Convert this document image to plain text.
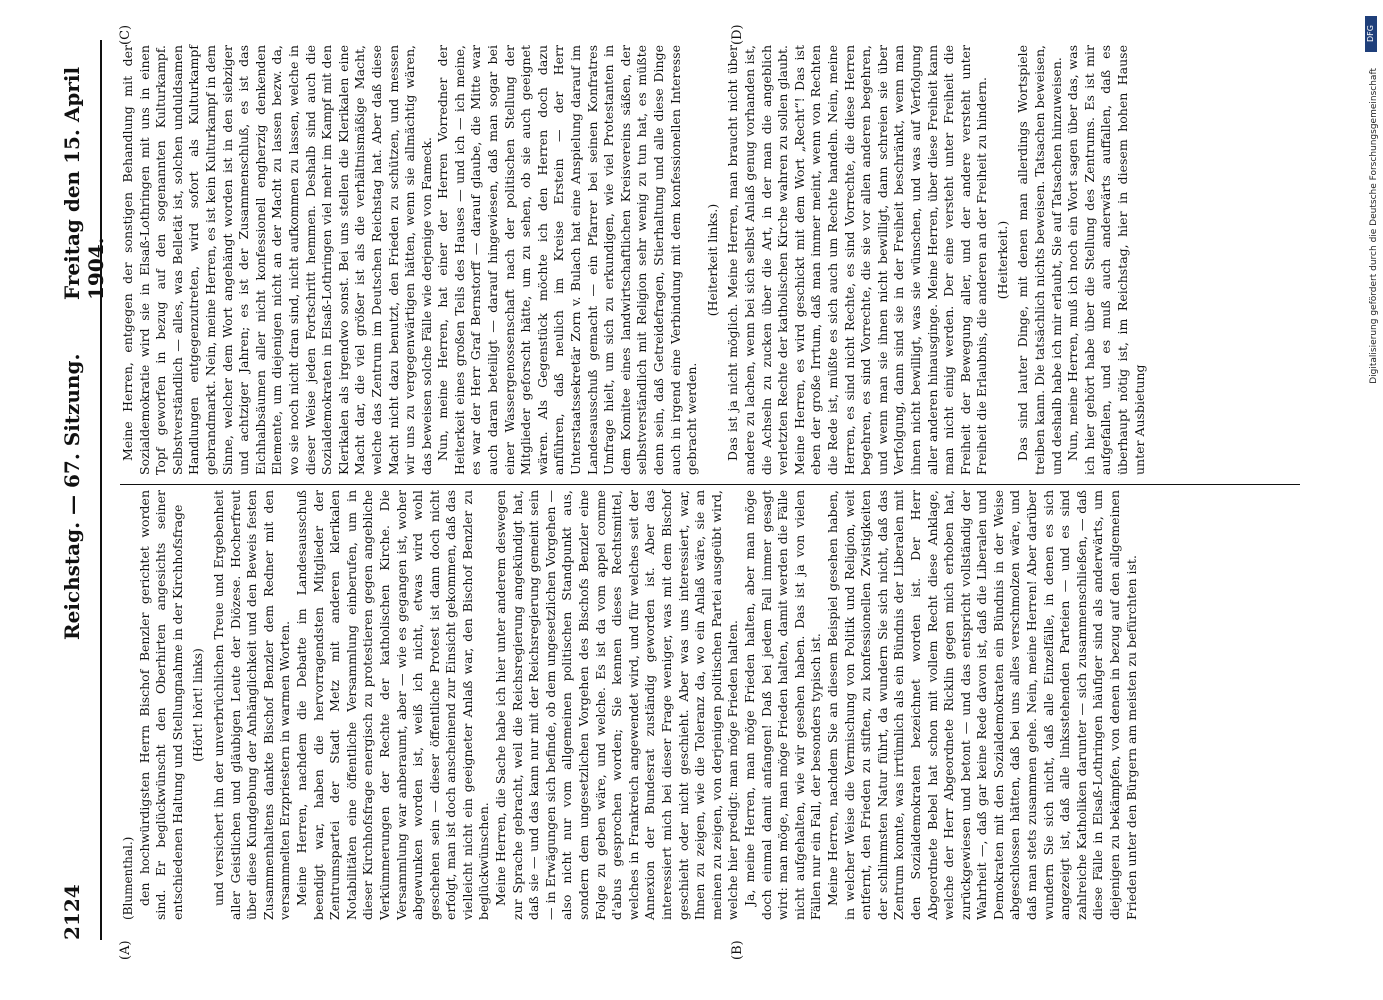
2124
Reichstag. — 67. Sitzung.
Freitag den 15. April 1904.
(A)	(B)
(C)	(D)

(Blumenthal.) den hochwürdigsten Herrn Bischof Benzler gerichtet worden sind. Er beglückwünscht den Oberhirten angesichts seiner entschiedenen Haltung und Stellungnahme in der Kirchhofsfrage (Hört! hört! links) und versichert ihn der unverbrüchlichen Treue und Ergebenheit aller Geistlichen und gläubigen Leute der Diözese. Hocherfreut über diese Kundgebung der Anhänglichkeit und den Beweis festen Zusammenhaltens dankte Bischof Benzler dem Redner mit den versammelten Erzpriestern in warmen Worten. Meine Herren, nachdem die Debatte im Landesausschuß beendigt war, haben die hervorragendsten Mitglieder der Zentrumspartei der Stadt Metz mit anderen klerikalen Notabilitäten eine öffentliche Versammlung einberufen, um in dieser Kirchhofsfrage energisch zu protestieren gegen angebliche Verkümmerungen der Rechte der katholischen Kirche. Die Versammlung war anberaumt, aber — wie es gegangen ist, woher abgewunken worden ist, weiß ich nicht, etwas wird wohl geschehen sein — dieser öffentliche Protest ist dann doch nicht erfolgt, man ist doch anscheinend zur Einsicht gekommen, daß das vielleicht nicht ein geeigneter Anlaß war, den Bischof Benzler zu beglückwünschen. Meine Herren, die Sache habe ich hier unter anderem deswegen zur Sprache gebracht, weil die Reichsregierung angekündigt hat, daß sie — und das kann nur mit der Reichsregierung gemeint sein — in Erwägungen sich befinde, ob dem ungesetzlichen Vorgehen — also nicht nur vom allgemeinen politischen Standpunkt aus, sondern dem ungesetzlichen Vorgehen des Bischofs Benzler eine Folge zu geben wäre, und welche. Es ist da vom appel comme d'abus gesprochen worden; Sie kennen dieses Rechtsmittel, welches in Frankreich angewendet wird, und für welches seit der Annexion der Bundesrat zuständig geworden ist. Aber das interessiert mich bei dieser Frage weniger, was mit dem Bischof geschieht oder nicht geschieht. Aber was uns interessiert, war, Ihnen zu zeigen, wie die Toleranz da, wo ein Anlaß wäre, sie an meinen zu zeigen, von derjenigen politischen Partei ausgeübt wird, welche hier predigt: man möge Frieden halten. Ja, meine Herren, man möge Frieden halten, aber man möge doch einmal damit anfangen! Daß bei jedem Fall immer gesagt wird: man möge, man möge Frieden halten, damit werden die Fälle nicht aufgehalten, wie wir gesehen haben. Das ist ja von vielen Fällen nur ein Fall, der besonders typisch ist. Meine Herren, nachdem Sie an diesem Beispiel gesehen haben, in welcher Weise die Vermischung von Politik und Religion, weit entfernt, den Frieden zu stiften, zu konfessionellen Zwistigkeiten der schlimmsten Natur führt, da wundern Sie sich nicht, daß das Zentrum konnte, was irrtümlich als ein Bündnis der Liberalen mit den Sozialdemokraten bezeichnet worden ist. Der Herr Abgeordnete Bebel hat schon mit vollem Recht diese Anklage, welche der Herr Abgeordnete Ricklin gegen mich erhoben hat, zurückgewiesen und betont — und das entspricht vollständig der Wahrheit —, daß gar keine Rede davon ist, daß die Liberalen und Demokraten mit den Sozialdemokraten ein Bündnis in der Weise abgeschlossen hätten, daß bei uns alles verschmolzen wäre, und daß man stets zusammen gehe. Nein, meine Herren! Aber darüber wundern Sie sich nicht, daß alle Einzelfälle, in denen es sich angezeigt ist, daß alle linksstehenden Parteien — und es sind zahlreiche Katholiken darunter — sich zusammenschließen, — daß diese Fälle in Elsaß-Lothringen häufiger sind als anderwärts, um diejenigen zu bekämpfen, von denen in bezug auf den allgemeinen Frieden unter den Bürgern am meisten zu befürchten ist.

Meine Herren, entgegen der sonstigen Behandlung mit der Sozialdemokratie wird sie in Elsaß-Lothringen mit uns in einen Topf geworfen in bezug auf den sogenannten Kulturkampf. Selbstverständlich — alles, was Belletät ist, solchen unduldsamen Handlungen entgegenzutreten, wird sofort als Kulturkampf gebrandmarkt. Nein, meine Herren, es ist kein Kulturkampf in dem Sinne, welcher dem Wort angehängt worden ist in den siebziger und achtziger Jahren; es ist der Zusammenschluß, es ist das Eichhalbsäumen aller nicht konfessionell engherzig denkenden Elemente, um diejenigen nicht an der Macht zu lassen bezw. da, wo sie noch nicht dran sind, nicht aufkommen zu lassen, welche in dieser Weise jeden Fortschritt hemmen. Deshalb sind auch die Sozialdemokraten in Elsaß-Lothringen viel mehr im Kampf mit den Klerikalen als irgendwo sonst. Bei uns stellen die Klerikalen eine Macht dar, die viel größer ist als die verhältnismäßige Macht, welche das Zentrum im Deutschen Reichstag hat. Aber daß diese Macht nicht dazu benutzt, den Frieden zu schützen, und messen wir uns zu vergegenwärtigen hätten, wenn sie allmächtig wären, das beweisen solche Fälle wie derjenige von Fameck. Nun, meine Herren, hat einer der Herren Vorredner der Heiterkeit eines großen Teils des Hauses — und ich — ich meine, es war der Herr Graf Bernstorff — darauf glaube, die Mitte war auch daran beteiligt — darauf hingewiesen, daß man sogar bei einer Wassergenossenschaft nach der politischen Stellung der Mitglieder geforscht hätte, um zu sehen, ob sie auch geeignet wären. Als Gegenstück möchte ich den Herren doch dazu anführen, daß neulich im Kreise Erstein — der Herr Unterstaatssekretär Zorn v. Bulach hat eine Anspielung darauf im Landesausschuß gemacht — ein Pfarrer bei seinen Konfratres Umfrage hielt, um sich zu erkundigen, wie viel Protestanten in dem Komitee eines landwirtschaftlichen Kreisvereins säßen, der selbstverständlich mit Religion sehr wenig zu tun hat, es müßte denn sein, daß Getreidefragen, Stierhaltung und alle diese Dinge auch in irgend eine Verbindung mit dem konfessionellen Interesse gebracht werden.

(Heiterkeit links.) Das ist ja nicht möglich. Meine Herren, man braucht nicht über andere zu lachen, wenn bei sich selbst Anlaß genug vorhanden ist, die Achseln zu zucken über die Art, in der man die angeblich verletzten Rechte der katholischen Kirche wahren zu sollen glaubt. Meine Herren, es wird geschickt mit dem Wort „Recht“! Das ist eben der große Irrtum, daß man immer meint, wenn von Rechten die Rede ist, müßte es sich auch um Rechte handeln. Nein, meine Herren, es sind nicht Rechte, es sind Vorrechte, die diese Herren begehren, es sind Vorrechte, die sie vor allen anderen begehren, und wenn man sie ihnen nicht bewilligt, dann schreien sie über Verfolgung, dann sind sie in der Freiheit beschränkt, wenn man ihnen nicht bewilligt, was sie wünschen, und was auf Verfolgung aller anderen hinausginge. Meine Herren, über diese Freiheit kann man nicht einig werden. Der eine versteht unter Freiheit die Freiheit der Bewegung aller, und der andere versteht unter Freiheit die Erlaubnis, die anderen an der Freiheit zu hindern. (Heiterkeit.) Das sind lauter Dinge, mit denen man allerdings Wortspiele treiben kann. Die tatsächlich nichts beweisen. Tatsachen beweisen, und deshalb habe ich mir erlaubt, Sie auf Tatsachen hinzuweisen. Nun, meine Herren, muß ich noch ein Wort sagen über das, was ich hier gehört habe über die Stellung des Zentrums. Es ist mir aufgefallen, und es muß auch anderwärts auffallen, daß es überhaupt nötig ist, im Reichstag, hier in diesem hohen Hause unter Ausbietung

DFG
Digitalisierung gefördert durch die Deutsche Forschungsgemeinschaft
